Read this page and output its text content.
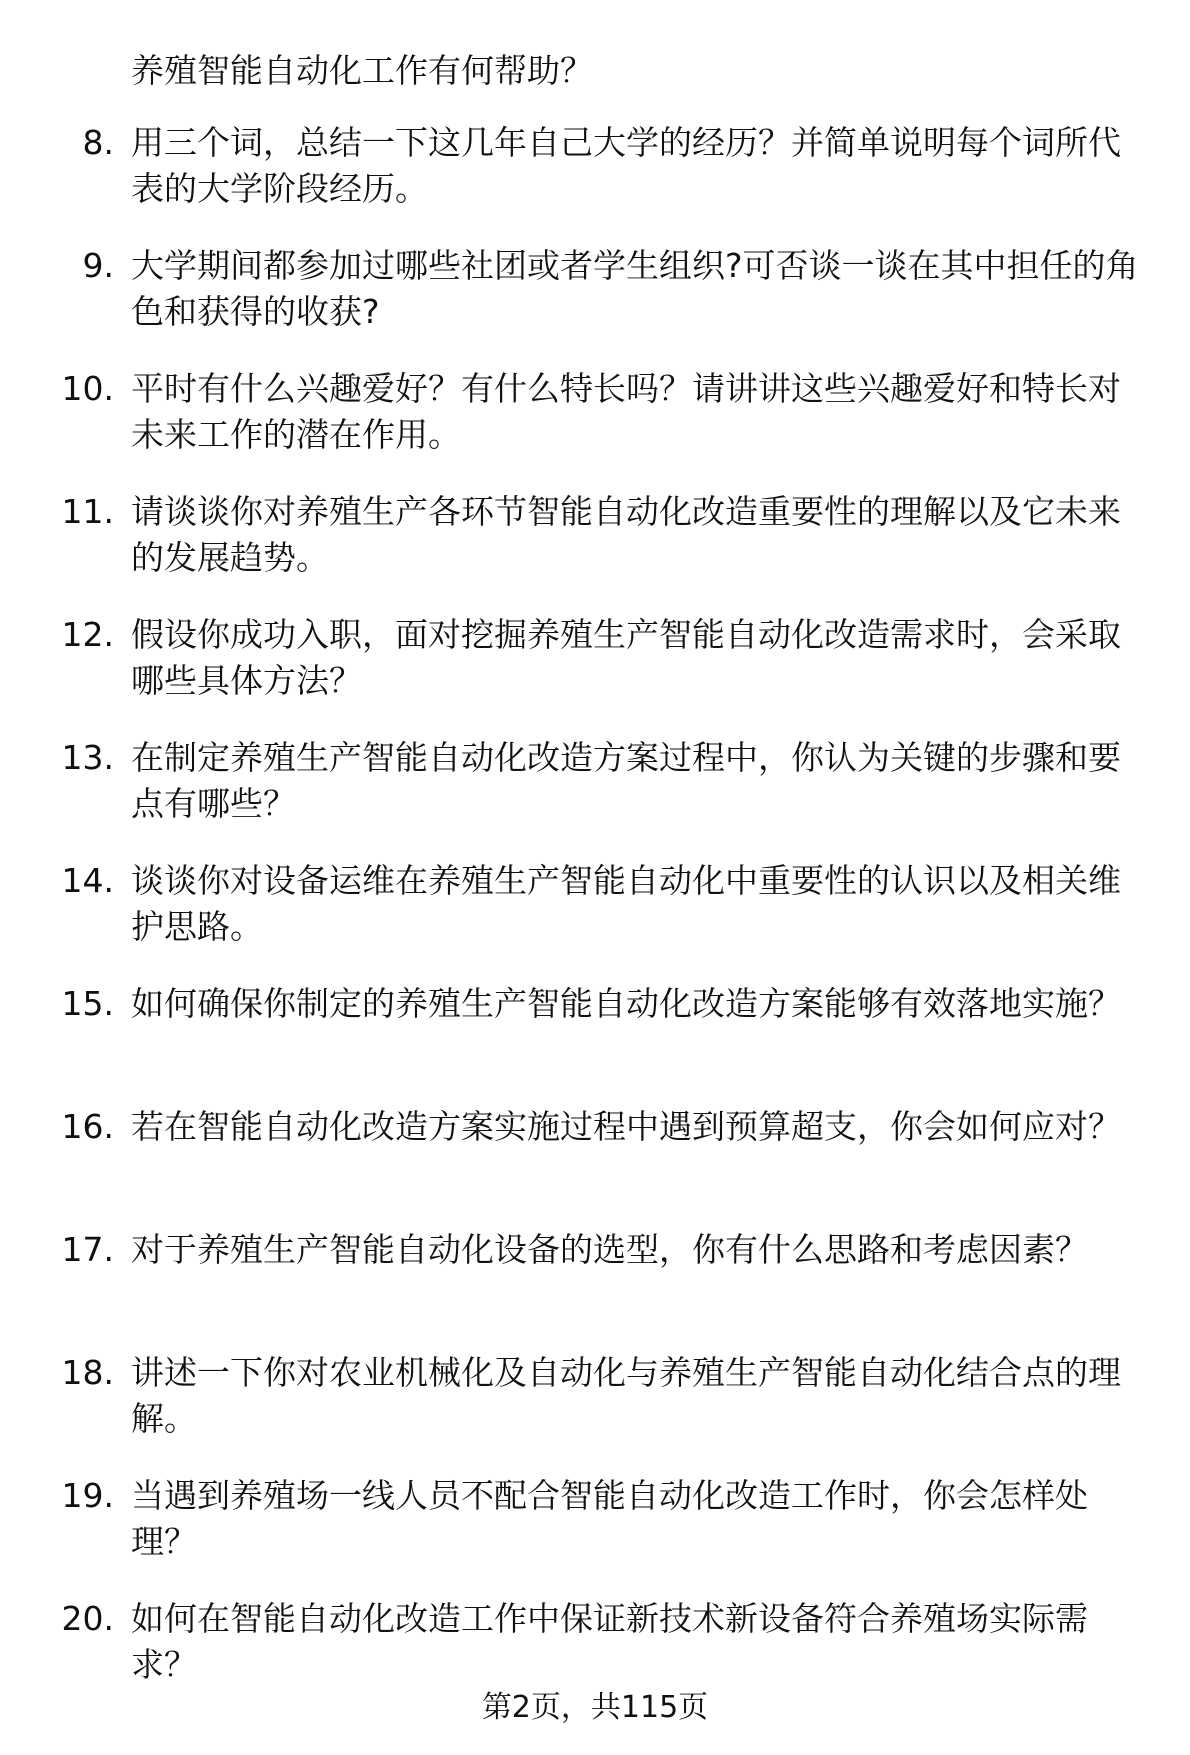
养殖智能自动化工作有何帮助？
8. 用三个词，总结一下这几年自己大学的经历？并简单说明每个词所代表的大学阶段经历。
9. 大学期间都参加过哪些社团或者学生组织?可否谈一谈在其中担任的角色和获得的收获?
10. 平时有什么兴趣爱好？有什么特长吗？请讲讲这些兴趣爱好和特长对未来工作的潜在作用。
11. 请谈谈你对养殖生产各环节智能自动化改造重要性的理解以及它未来的发展趋势。
12. 假设你成功入职，面对挖掘养殖生产智能自动化改造需求时，会采取哪些具体方法？
13. 在制定养殖生产智能自动化改造方案过程中，你认为关键的步骤和要点有哪些？
14. 谈谈你对设备运维在养殖生产智能自动化中重要性的认识以及相关维护思路。
15. 如何确保你制定的养殖生产智能自动化改造方案能够有效落地实施？
16. 若在智能自动化改造方案实施过程中遇到预算超支，你会如何应对？
17. 对于养殖生产智能自动化设备的选型，你有什么思路和考虑因素？
18. 讲述一下你对农业机械化及自动化与养殖生产智能自动化结合点的理解。
19. 当遇到养殖场一线人员不配合智能自动化改造工作时，你会怎样处理？
20. 如何在智能自动化改造工作中保证新技术新设备符合养殖场实际需求？
第2页，共115页
